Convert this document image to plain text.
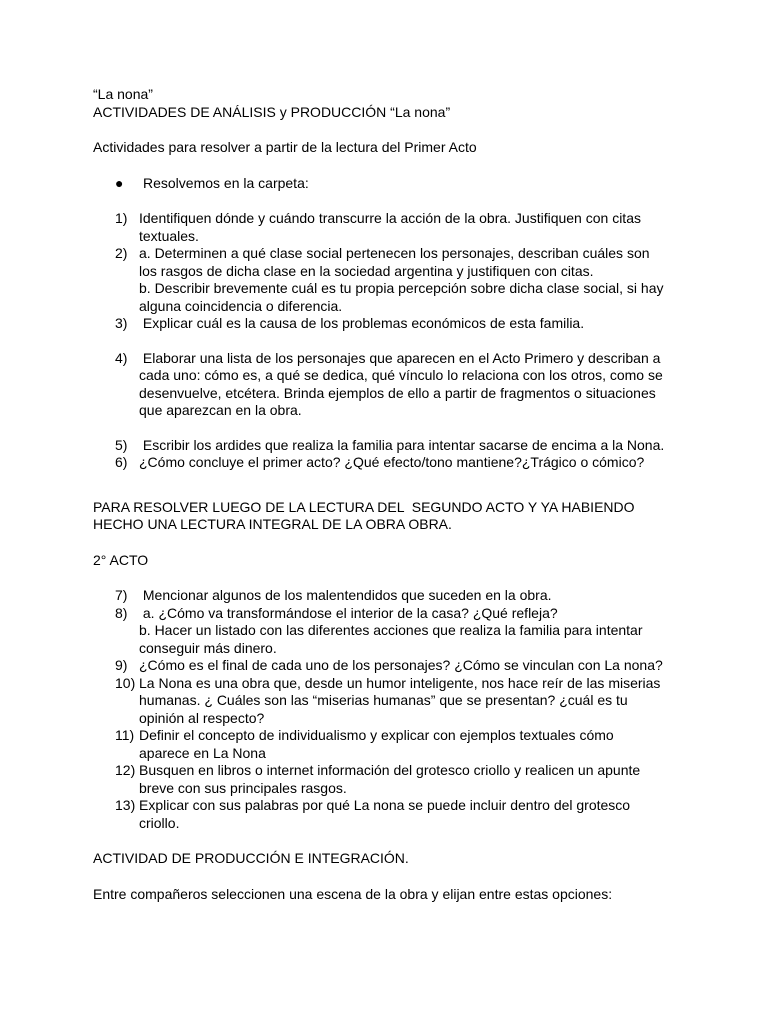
“La nona”

ACTIVIDADES DE ANÁLISIS y PRODUCCIÓN “La nona”

Actividades para resolver a partir de la lectura del Primer Acto

● Resolvemos en la carpeta:
1) Identifiquen dónde y cuándo transcurre la acción de la obra. Justifiquen con citas
textuales.
2) a. Determinen a qué clase social pertenecen los personajes, describan cuáles son
los rasgos de dicha clase en la sociedad argentina y justifiquen con citas.
b. Describir brevemente cuál es tu propia percepción sobre dicha clase social, si hay
alguna coincidencia o diferencia.
3) Explicar cuál es la causa de los problemas económicos de esta familia.
4) Elaborar una lista de los personajes que aparecen en el Acto Primero y describan a
cada uno: cómo es, a qué se dedica, qué vínculo lo relaciona con los otros, como se
desenvuelve, etcétera. Brinda ejemplos de ello a partir de fragmentos o situaciones
que aparezcan en la obra.
5) Escribir los ardides que realiza la familia para intentar sacarse de encima a la Nona.
6) ¿Cómo concluye el primer acto? ¿Qué efecto/tono mantiene?¿Trágico o cómico?

PARA RESOLVER LUEGO DE LA LECTURA DEL  SEGUNDO ACTO Y YA HABIENDO

HECHO UNA LECTURA INTEGRAL DE LA OBRA OBRA.

2° ACTO

7) Mencionar algunos de los malentendidos que suceden en la obra.
8) a. ¿Cómo va transformándose el interior de la casa? ¿Qué refleja?
b. Hacer un listado con las diferentes acciones que realiza la familia para intentar
conseguir más dinero.
9) ¿Cómo es el final de cada uno de los personajes? ¿Cómo se vinculan con La nona?
10) La Nona es una obra que, desde un humor inteligente, nos hace reír de las miserias
humanas. ¿ Cuáles son las “miserias humanas” que se presentan? ¿cuál es tu
opinión al respecto?
11) Definir el concepto de individualismo y explicar con ejemplos textuales cómo
aparece en La Nona
12) Busquen en libros o internet información del grotesco criollo y realicen un apunte
breve con sus principales rasgos.
13) Explicar con sus palabras por qué La nona se puede incluir dentro del grotesco
criollo.

ACTIVIDAD DE PRODUCCIÓN E INTEGRACIÓN.

Entre compañeros seleccionen una escena de la obra y elijan entre estas opciones:
